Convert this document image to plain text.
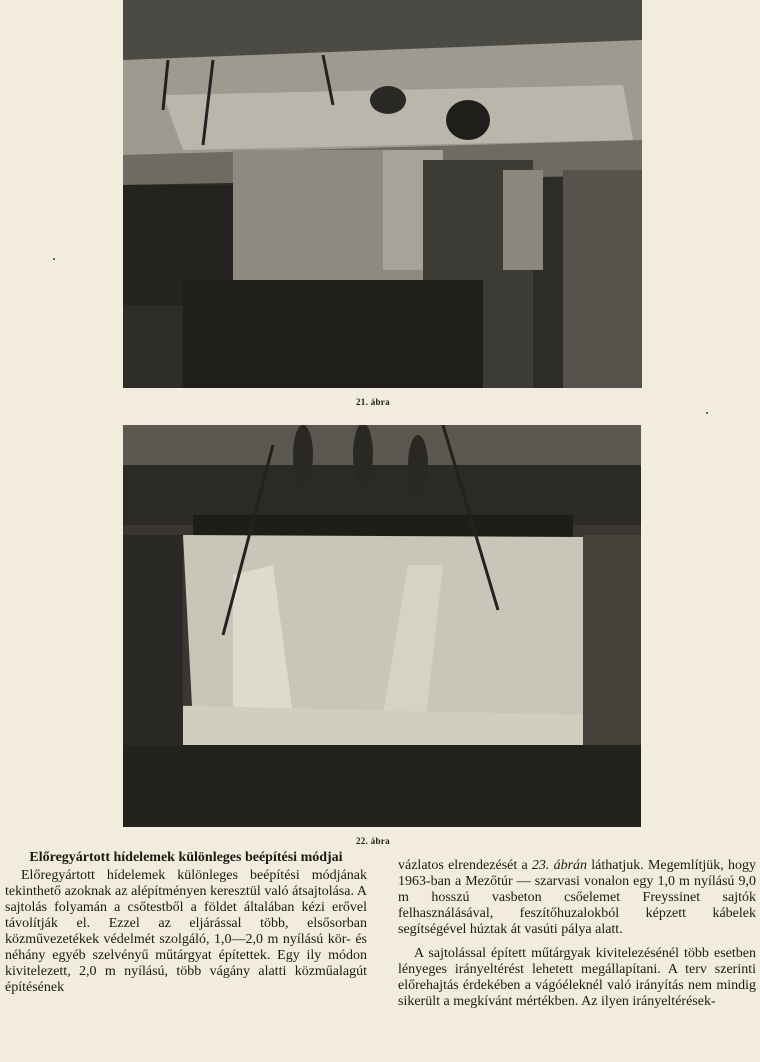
21. ábra
22. ábra

Előregyártott hídelemek különleges beépítési módjai

Előregyártott hídelemek különleges beépítési módjának tekinthető azoknak az alépítményen keresztül való átsajtolása. A sajtolás folyamán a csőtestből a földet általában kézi erővel távolítják el. Ezzel az eljárással több, elsősorban közművezetékek védelmét szolgáló, 1,0—2,0 m nyílású kör- és néhány egyéb szelvényű műtárgyat építettek. Egy ily módon kivitelezett, 2,0 m nyílású, több vágány alatti közműalagút építésének

vázlatos elrendezését a 23. ábrán láthatjuk. Megemlítjük, hogy 1963-ban a Mezőtúr — szarvasi vonalon egy 1,0 m nyílású 9,0 m hosszú vasbeton csőelemet Freyssinet sajtók felhasználásával, feszítőhuzalokból képzett kábelek segítségével húztak át vasúti pálya alatt.

A sajtolással épített műtárgyak kivitelezésénél több esetben lényeges irányeltérést lehetett megállapítani. A terv szerinti előrehajtás érdekében a vágóéleknél való irányítás nem mindig sikerült a megkívánt mértékben. Az ilyen irányeltérések-
